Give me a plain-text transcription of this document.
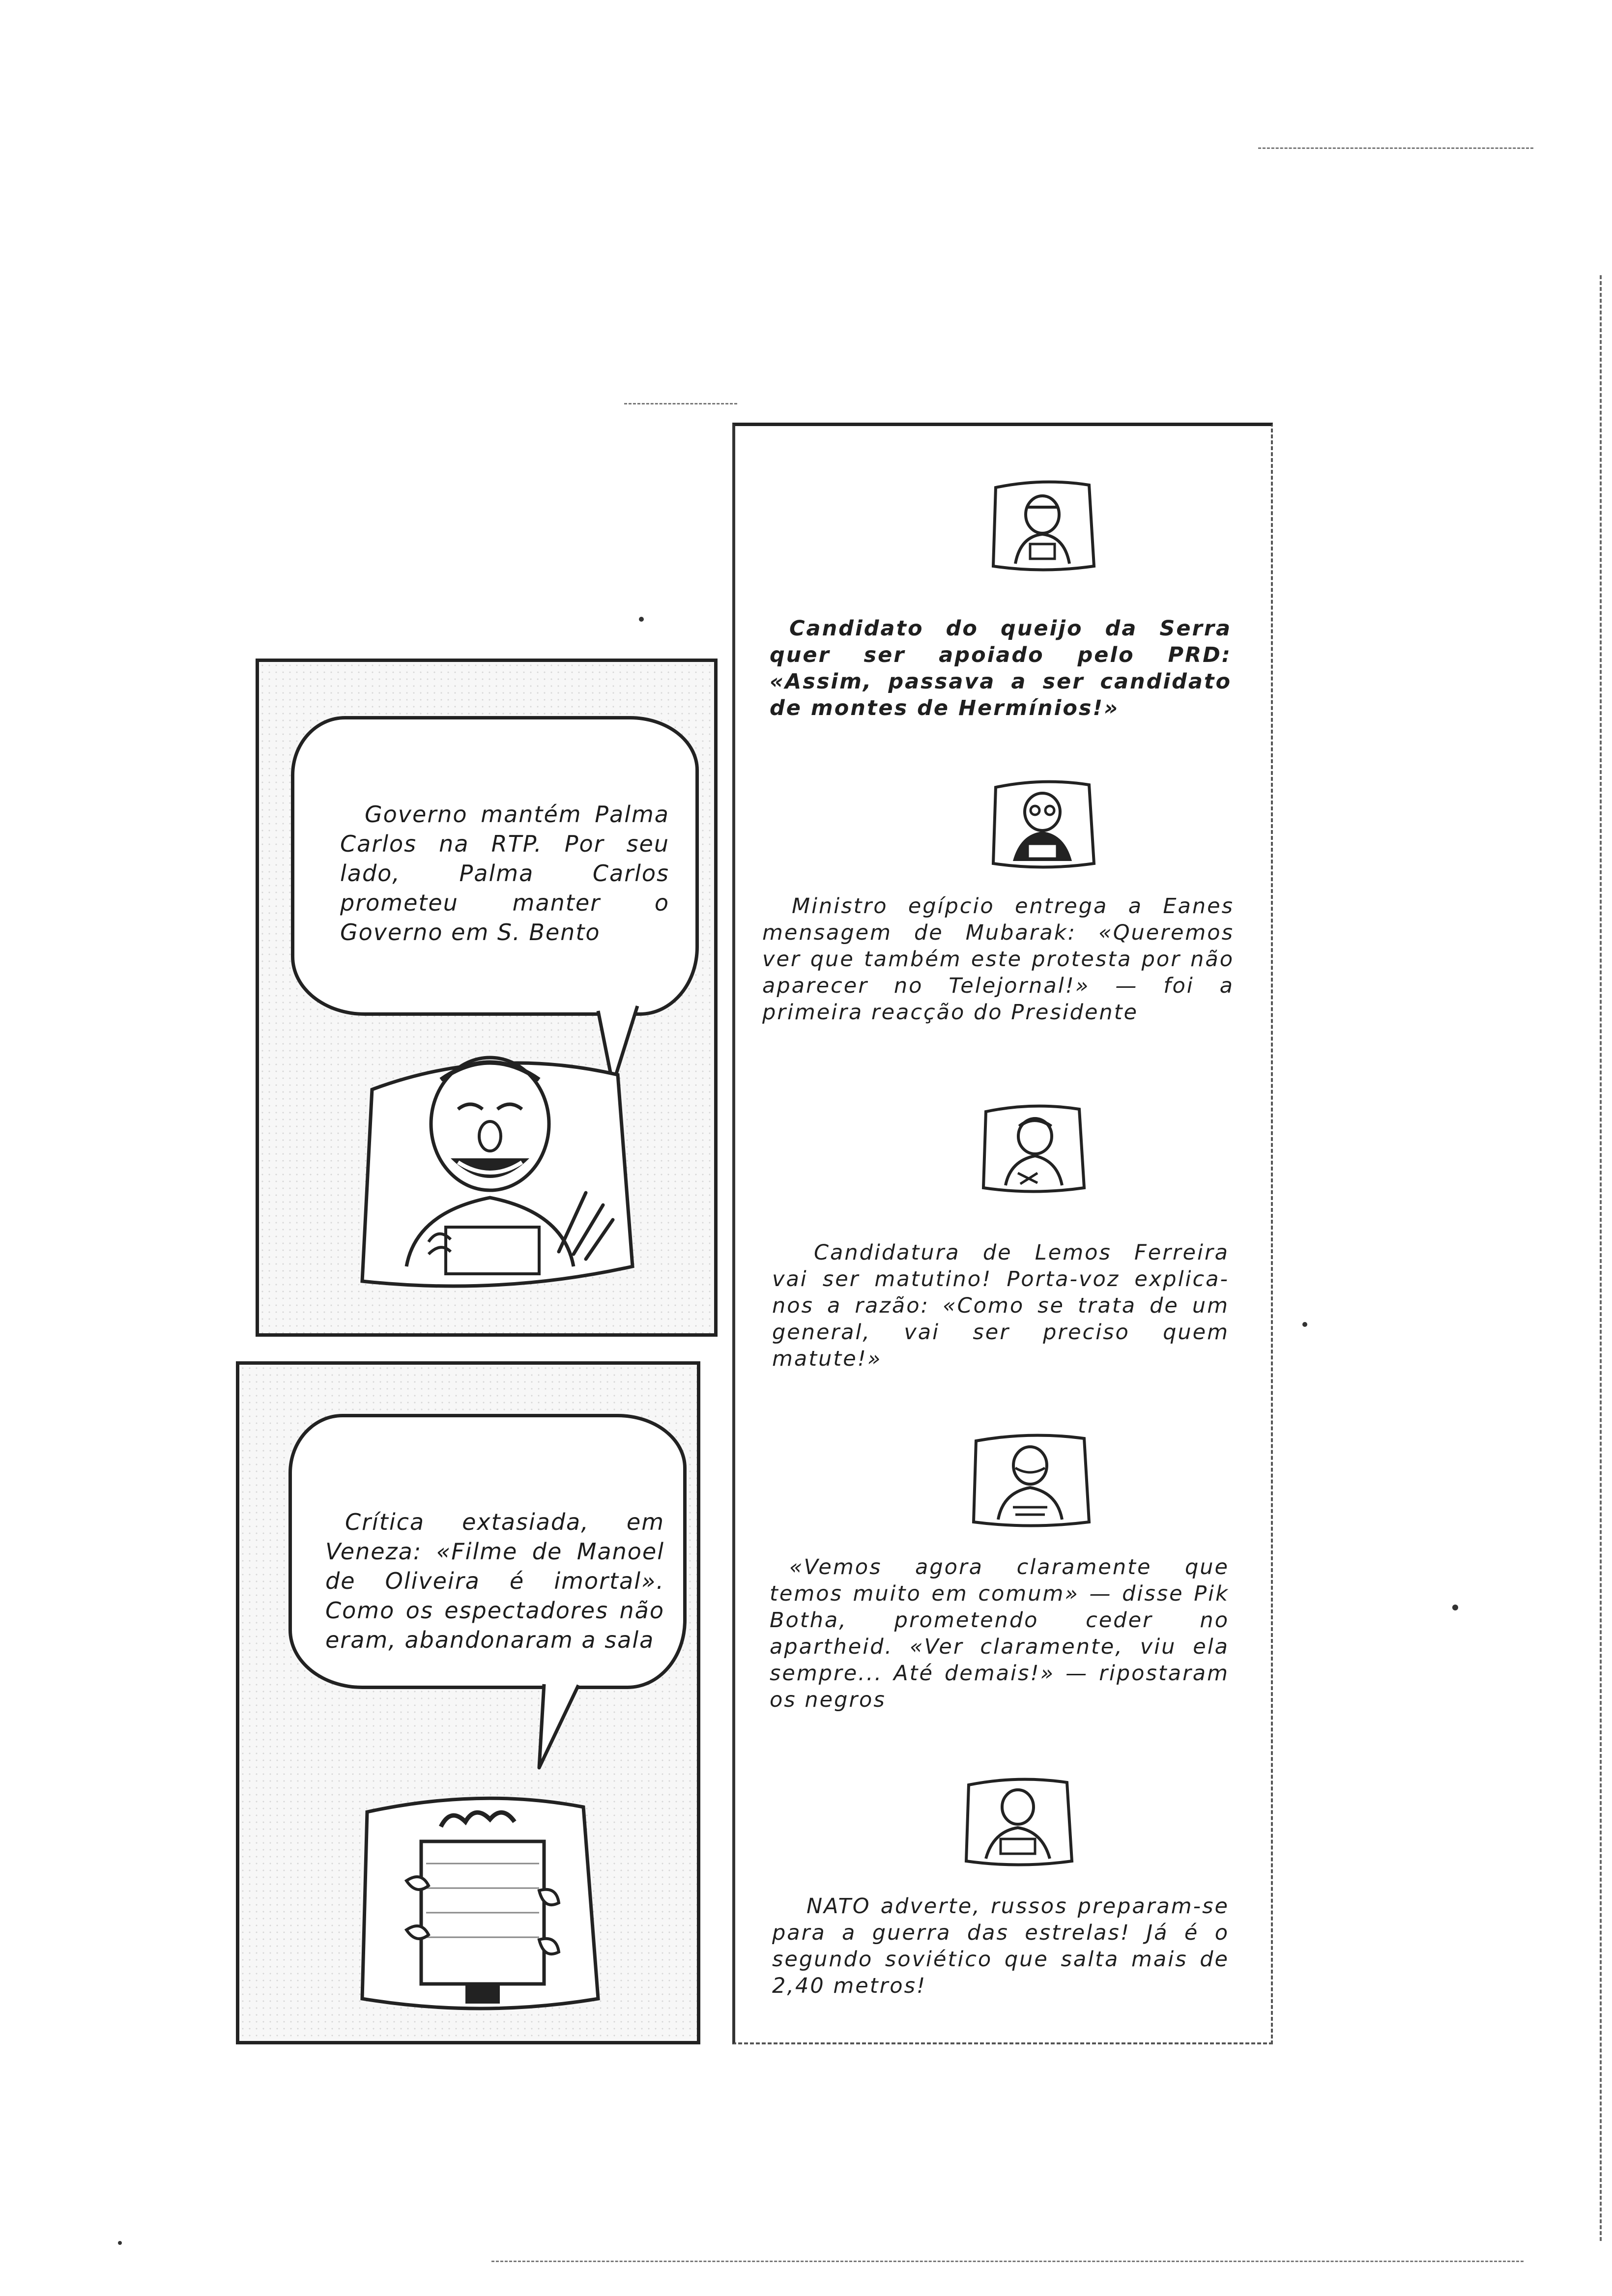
Governo mantém Palma Carlos na RTP. Por seu lado, Palma Carlos prometeu manter o Governo em S. Bento
Crítica extasiada, em Veneza: «Filme de Manoel de Oliveira é imortal». Como os espectadores não eram, abandonaram a sala
Candidato do queijo da Serra quer ser apoiado pelo PRD: «Assim, passava a ser candidato de montes de Hermínios!»
Ministro egípcio entrega a Eanes mensagem de Mubarak: «Queremos ver que também este protesta por não aparecer no Telejornal!» — foi a primeira reacção do Presidente
Candidatura de Lemos Ferreira vai ser matutino! Porta-voz explica-nos a razão: «Como se trata de um general, vai ser preciso quem matute!»
«Vemos agora claramente que temos muito em comum» — disse Pik Botha, prometendo ceder no apartheid. «Ver claramente, viu ela sempre... Até demais!» — ripostaram os negros
NATO adverte, russos preparam-se para a guerra das estrelas! Já é o segundo soviético que salta mais de 2,40 metros!
